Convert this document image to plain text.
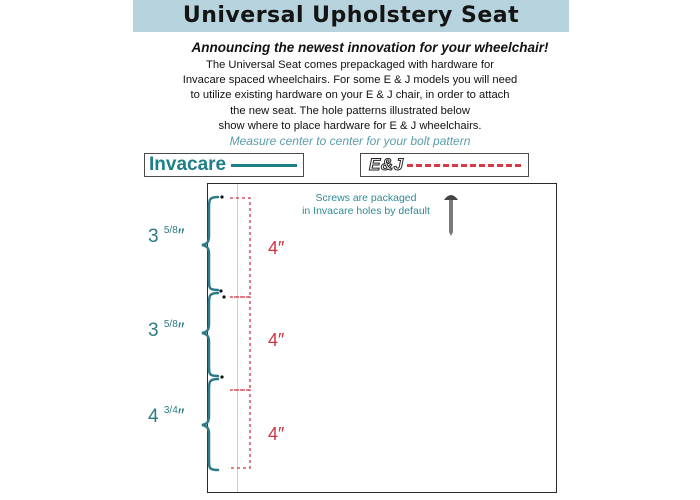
Universal Upholstery Seat
Announcing the newest innovation for your wheelchair!
The Universal Seat comes prepackaged with hardware for
Invacare spaced wheelchairs. For some E & J models you will need
to utilize existing hardware on your E & J chair, in order to attach
the new seat. The hole patterns illustrated below
show where to place hardware for E & J wheelchairs.
Measure center to center for your bolt pattern
Invacare	E&J
Screws are packaged
in Invacare holes by default
3 $^{5/8}$″
3 $^{5/8}$″
4 $^{3/4}$″
4″
4″
4″
